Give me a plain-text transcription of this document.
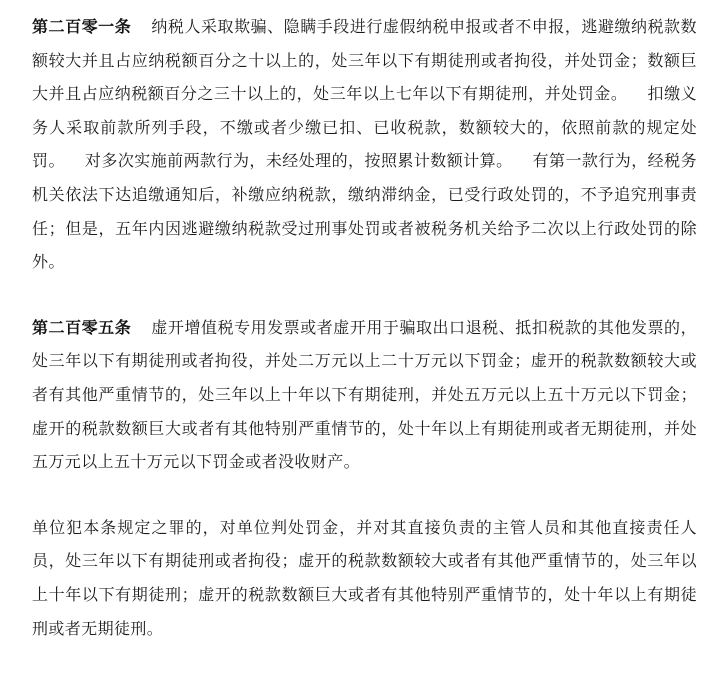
第二百零一条 纳税人采取欺骗、隐瞒手段进行虚假纳税申报或者不申报，逃避缴纳税款数额较大并且占应纳税额百分之十以上的，处三年以下有期徒刑或者拘役，并处罚金；数额巨大并且占应纳税额百分之三十以上的，处三年以上七年以下有期徒刑，并处罚金。 扣缴义务人采取前款所列手段，不缴或者少缴已扣、已收税款，数额较大的，依照前款的规定处罚。 对多次实施前两款行为，未经处理的，按照累计数额计算。 有第一款行为，经税务机关依法下达追缴通知后，补缴应纳税款，缴纳滞纳金，已受行政处罚的，不予追究刑事责任；但是，五年内因逃避缴纳税款受过刑事处罚或者被税务机关给予二次以上行政处罚的除外。

第二百零五条 虚开增值税专用发票或者虚开用于骗取出口退税、抵扣税款的其他发票的，处三年以下有期徒刑或者拘役，并处二万元以上二十万元以下罚金；虚开的税款数额较大或者有其他严重情节的，处三年以上十年以下有期徒刑，并处五万元以上五十万元以下罚金；虚开的税款数额巨大或者有其他特别严重情节的，处十年以上有期徒刑或者无期徒刑，并处五万元以上五十万元以下罚金或者没收财产。

单位犯本条规定之罪的，对单位判处罚金，并对其直接负责的主管人员和其他直接责任人员，处三年以下有期徒刑或者拘役；虚开的税款数额较大或者有其他严重情节的，处三年以上十年以下有期徒刑；虚开的税款数额巨大或者有其他特别严重情节的，处十年以上有期徒刑或者无期徒刑。
